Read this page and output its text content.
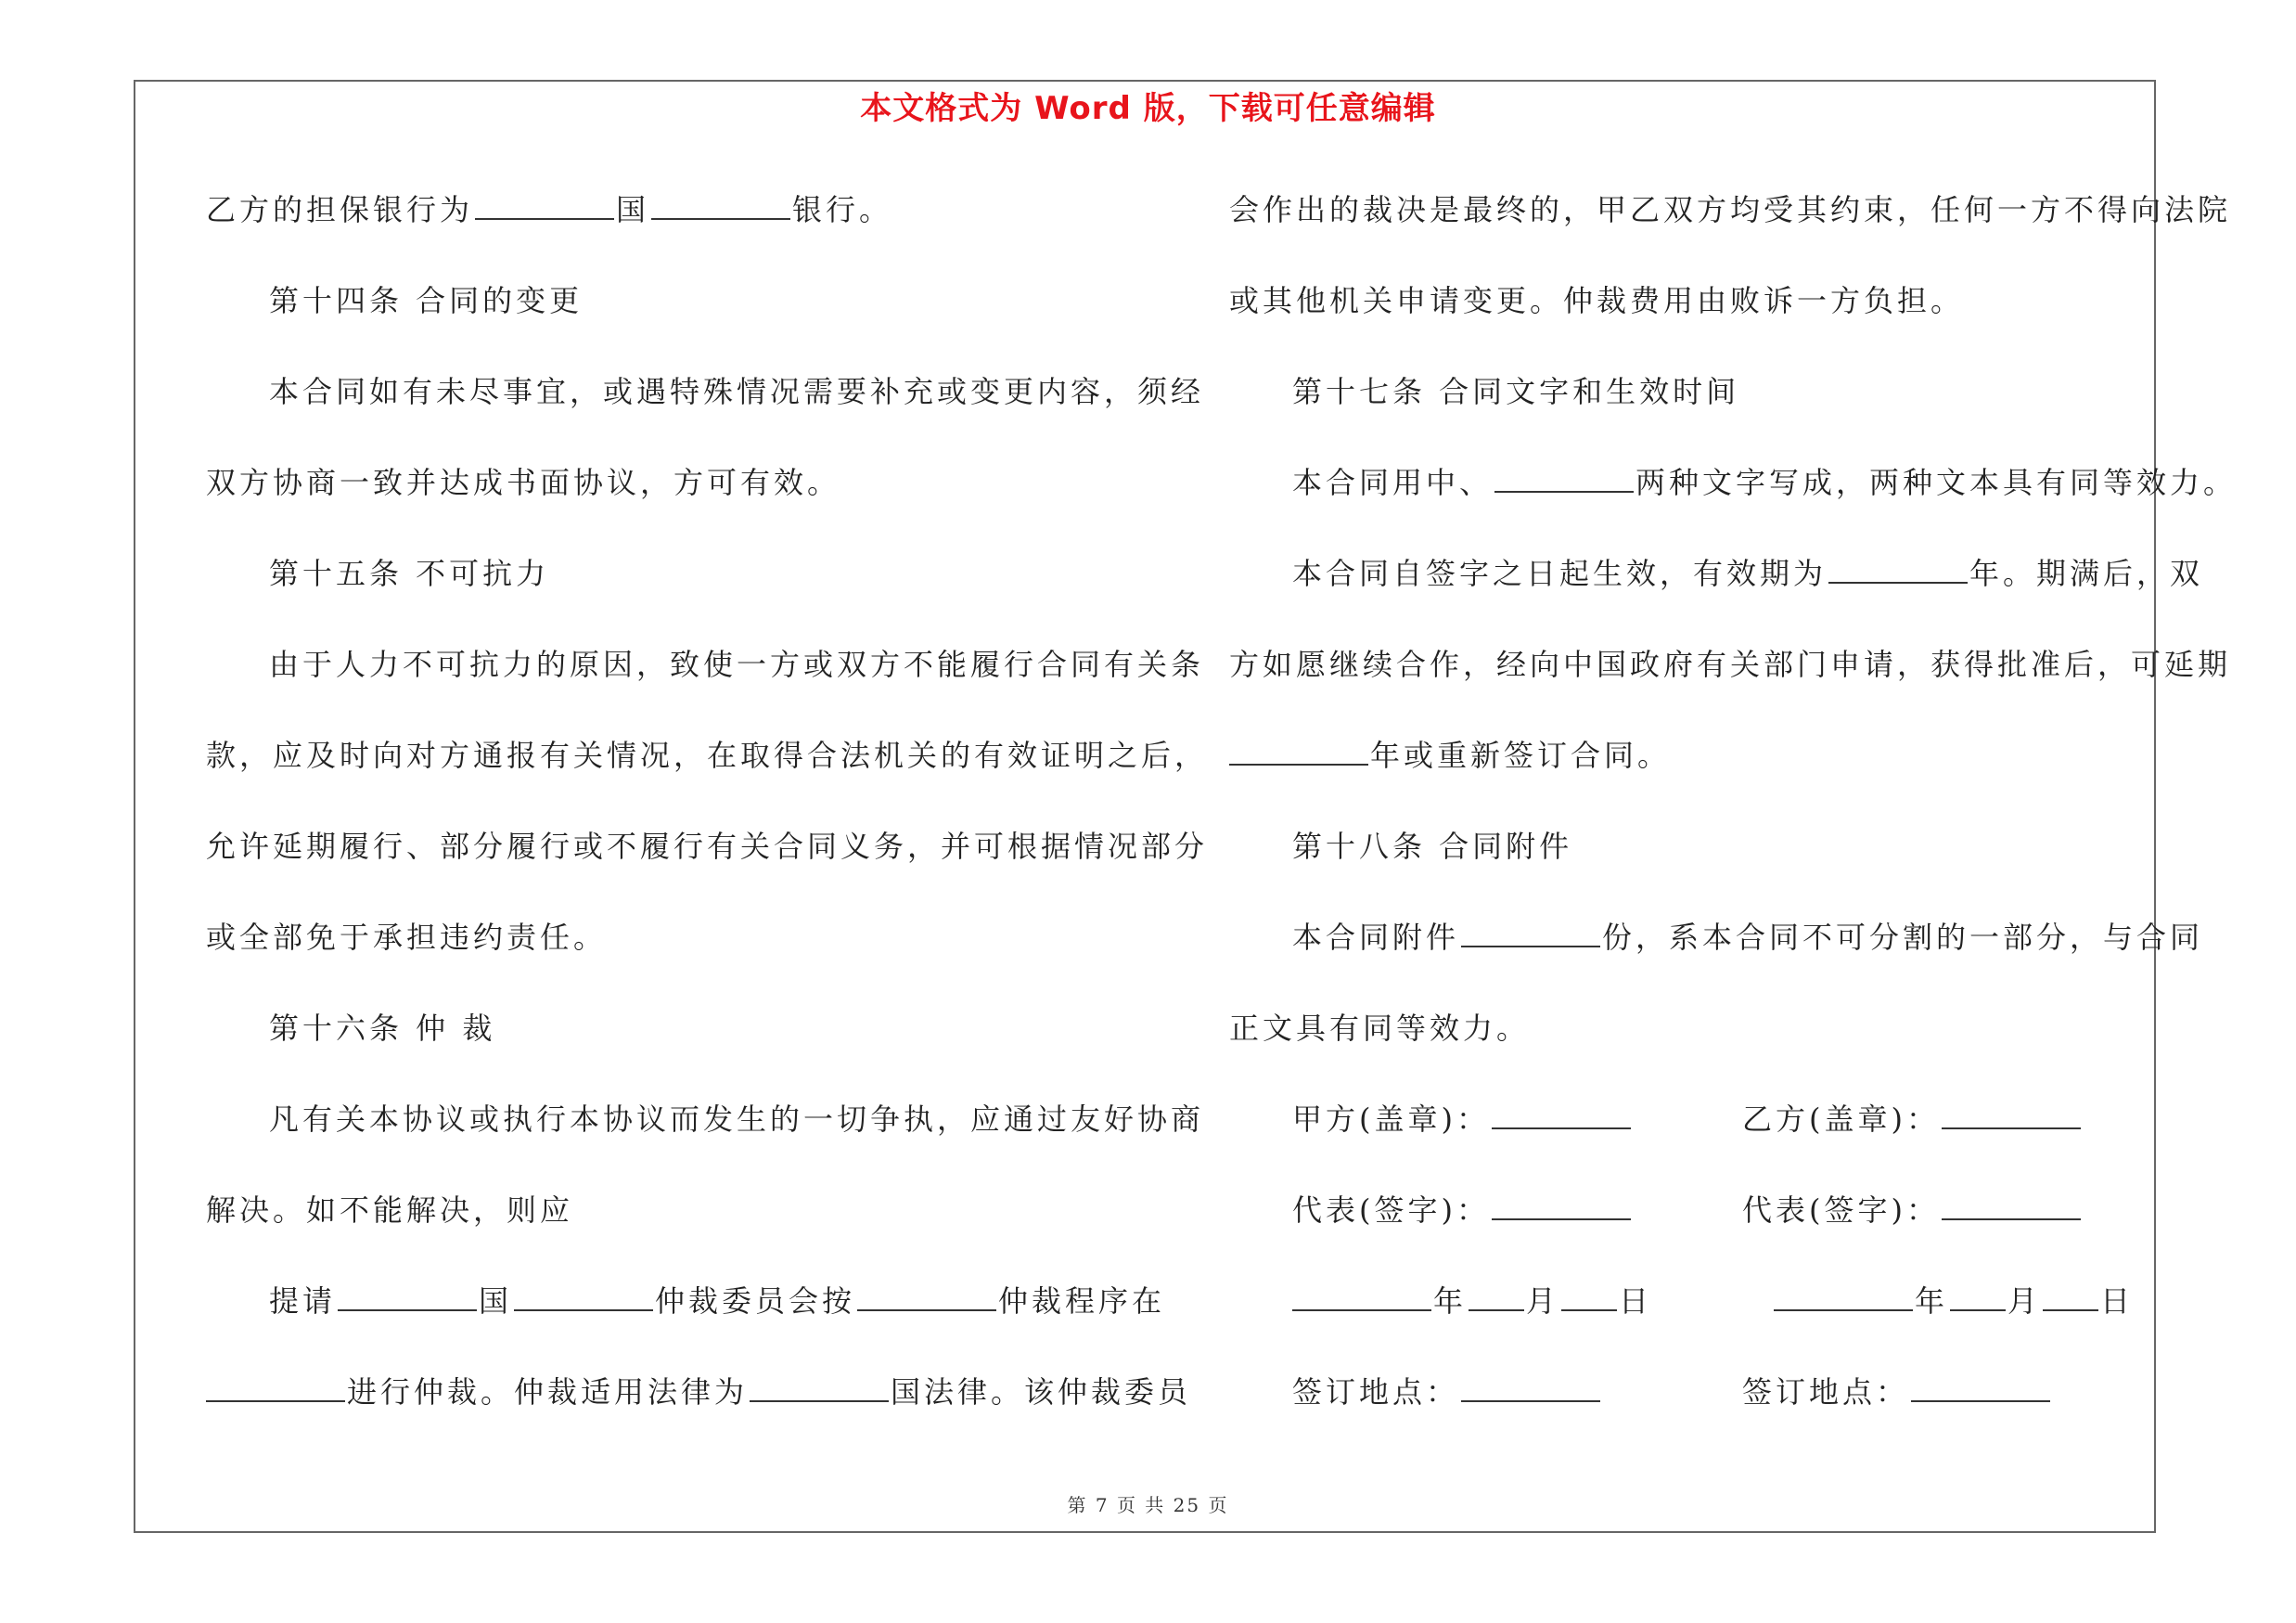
本文格式为 Word 版，下载可任意编辑
乙方的担保银行为	国	银行。
第十四条 合同的变更
本合同如有未尽事宜，或遇特殊情况需要补充或变更内容，须经
双方协商一致并达成书面协议，方可有效。
第十五条 不可抗力
由于人力不可抗力的原因，致使一方或双方不能履行合同有关条
款，应及时向对方通报有关情况，在取得合法机关的有效证明之后，
允许延期履行、部分履行或不履行有关合同义务，并可根据情况部分
或全部免于承担违约责任。
第十六条 仲 裁
凡有关本协议或执行本协议而发生的一切争执，应通过友好协商
解决。如不能解决，则应
提请	国	仲裁委员会按	仲裁程序在
进行仲裁。仲裁适用法律为	国法律。该仲裁委员
会作出的裁决是最终的，甲乙双方均受其约束，任何一方不得向法院
或其他机关申请变更。仲裁费用由败诉一方负担。
第十七条 合同文字和生效时间
本合同用中、	两种文字写成，两种文本具有同等效力。
本合同自签字之日起生效，有效期为	年。期满后，双
方如愿继续合作，经向中国政府有关部门申请，获得批准后，可延期
年或重新签订合同。
第十八条 合同附件
本合同附件	份，系本合同不可分割的一部分，与合同
正文具有同等效力。
甲方(盖章)：	乙方(盖章)：
代表(签字)：	代表(签字)：
年 月 日	年 月 日
签订地点：	签订地点：
第 7 页 共 25 页
